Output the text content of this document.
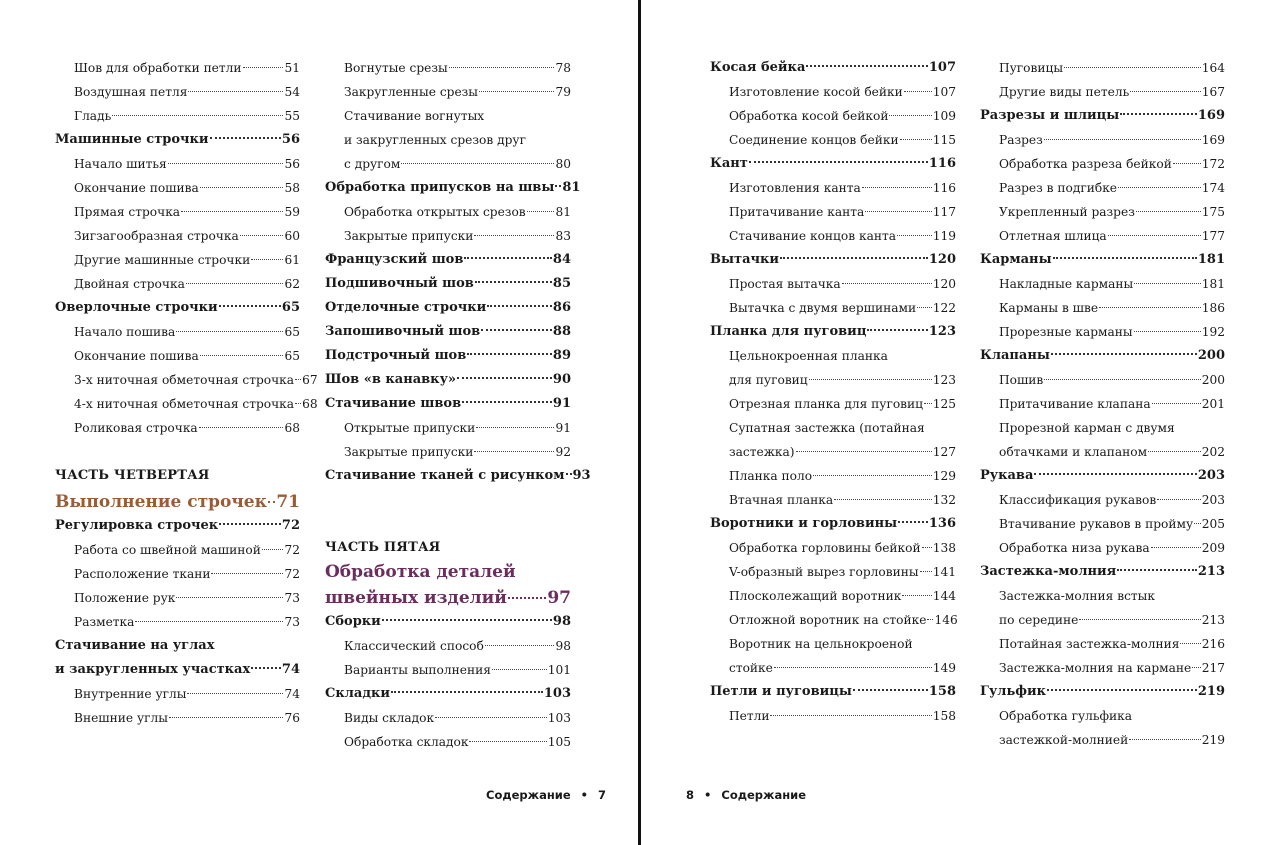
Шов для обработки петли	51
Воздушная петля	54
Гладь	55
Машинные строчки	56
Начало шитья	56
Окончание пошива	58
Прямая строчка	59
Зигзагообразная строчка	60
Другие машинные строчки	61
Двойная строчка	62
Оверлочные строчки	65
Начало пошива	65
Окончание пошива	65
3-х ниточная обметочная строчка 67
4-х ниточная обметочная строчка 68
Роликовая строчка	68
ЧАСТЬ ЧЕТВЕРТАЯ
Выполнение строчек 71
Регулировка строчек	72
Работа со швейной машиной 72
Расположение ткани	72
Положение рук	73
Разметка	73
Стачивание на углах
и закругленных участках 74
Внутренние углы	74
Внешние углы	76
Вогнутые срезы	78
Закругленные срезы	79
Стачивание вогнутых
и закругленных срезов друг
с другом	80
Обработка припусков на швы 81
Обработка открытых срезов 81
Закрытые припуски	83
Французский шов	84
Подшивочный шов	85
Отделочные строчки	86
Запошивочный шов	88
Подстрочный шов	89
Шов «в канавку»	90
Стачивание швов	91
Открытые припуски	91
Закрытые припуски	92
Стачивание тканей с рисунком 93
ЧАСТЬ ПЯТАЯ
Обработка деталей
швейных изделий 97
Сборки	98
Классический способ	98
Варианты выполнения	101
Складки	103
Виды складок	103
Обработка складок	105
Косая бейка	107
Изготовление косой бейки 107
Обработка косой бейкой	109
Соединение концов бейки	115
Кант	116
Изготовления канта	116
Притачивание канта	117
Стачивание концов канта	119
Вытачки	120
Простая вытачка	120
Вытачка с двумя вершинами 122
Планка для пуговиц	123
Цельнокроенная планка
для пуговиц	123
Отрезная планка для пуговиц 125
Супатная застежка (потайная
застежка)	127
Планка поло	129
Втачная планка	132
Воротники и горловины 136
Обработка горловины бейкой 138
V-образный вырез горловины 141
Плосколежащий воротник	144
Отложной воротник на стойке 146
Воротник на цельнокроеной
стойке	149
Петли и пуговицы	158
Петли	158
Пуговицы	164
Другие виды петель	167
Разрезы и шлицы	169
Разрез	169
Обработка разреза бейкой 172
Разрез в подгибке	174
Укрепленный разрез	175
Отлетная шлица	177
Карманы	181
Накладные карманы	181
Карманы в шве	186
Прорезные карманы	192
Клапаны	200
Пошив	200
Притачивание клапана	201
Прорезной карман с двумя
обтачками и клапаном	202
Рукава	203
Классификация рукавов	203
Втачивание рукавов в пройму 205
Обработка низа рукава	209
Застежка-молния	213
Застежка-молния встык
по середине	213
Потайная застежка-молния 216
Застежка-молния на кармане 217
Гульфик	219
Обработка гульфика
застежкой-молнией	219
Содержание • 7	8 • Содержание
